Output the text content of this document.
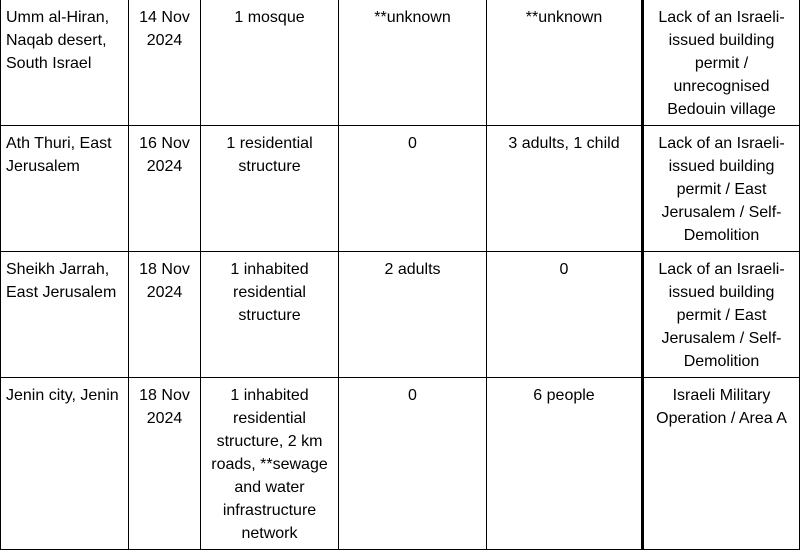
Umm al-Hiran, Naqab desert, South Israel	14 Nov 2024	1 mosque	**unknown	**unknown	Lack of an Israeli-issued building permit / unrecognised Bedouin village
Ath Thuri, East Jerusalem	16 Nov 2024	1 residential structure	0	3 adults, 1 child	Lack of an Israeli-issued building permit / East Jerusalem / Self-Demolition
Sheikh Jarrah, East Jerusalem	18 Nov 2024	1 inhabited residential structure	2 adults	0	Lack of an Israeli-issued building permit / East Jerusalem / Self-Demolition
Jenin city, Jenin	18 Nov 2024	1 inhabited residential structure, 2 km roads, **sewage and water infrastructure network	0	6 people	Israeli Military Operation / Area A
